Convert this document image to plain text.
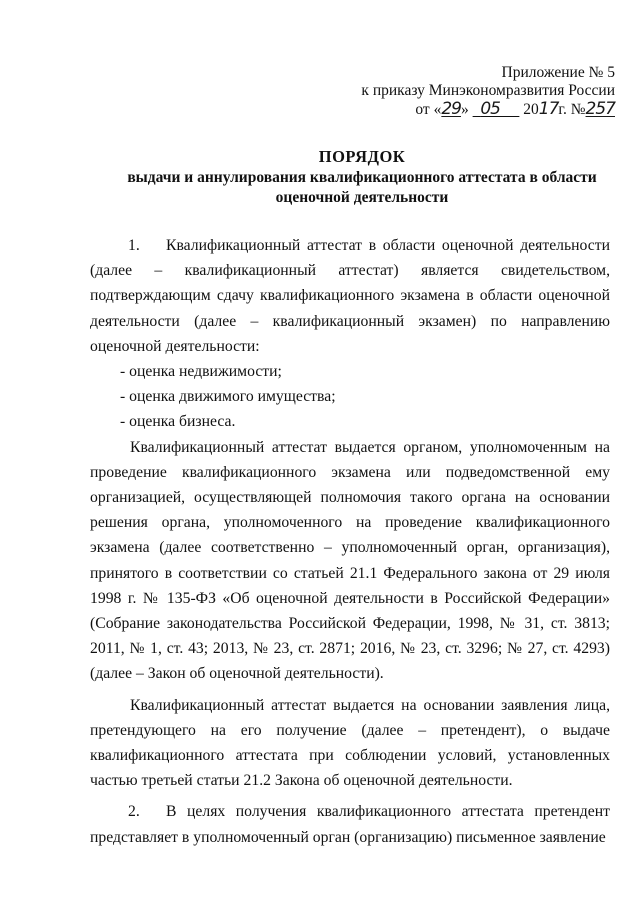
Приложение № 5
к приказу Минэкономразвития России
от «29» 05 2017г. №257
ПОРЯДОК
выдачи и аннулирования квалификационного аттестата в области
оценочной деятельности

1. Квалификационный аттестат в области оценочной деятельности (далее – квалификационный аттестат) является свидетельством, подтверждающим сдачу квалификационного экзамена в области оценочной деятельности (далее – квалификационный экзамен) по направлению оценочной деятельности:

- оценка недвижимости;

- оценка движимого имущества;

- оценка бизнеса.

Квалификационный аттестат выдается органом, уполномоченным на проведение квалификационного экзамена или подведомственной ему организацией, осуществляющей полномочия такого органа на основании решения органа, уполномоченного на проведение квалификационного экзамена (далее соответственно – уполномоченный орган, организация), принятого в соответствии со статьей 21.1 Федерального закона от 29 июля 1998 г. № 135-ФЗ «Об оценочной деятельности в Российской Федерации» (Собрание законодательства Российской Федерации, 1998, № 31, ст. 3813; 2011, № 1, ст. 43; 2013, № 23, ст. 2871; 2016, № 23, ст. 3296; № 27, ст. 4293) (далее – Закон об оценочной деятельности).

Квалификационный аттестат выдается на основании заявления лица, претендующего на его получение (далее – претендент), о выдаче квалификационного аттестата при соблюдении условий, установленных частью третьей статьи 21.2 Закона об оценочной деятельности.

2. В целях получения квалификационного аттестата претендент представляет в уполномоченный орган (организацию) письменное заявление
